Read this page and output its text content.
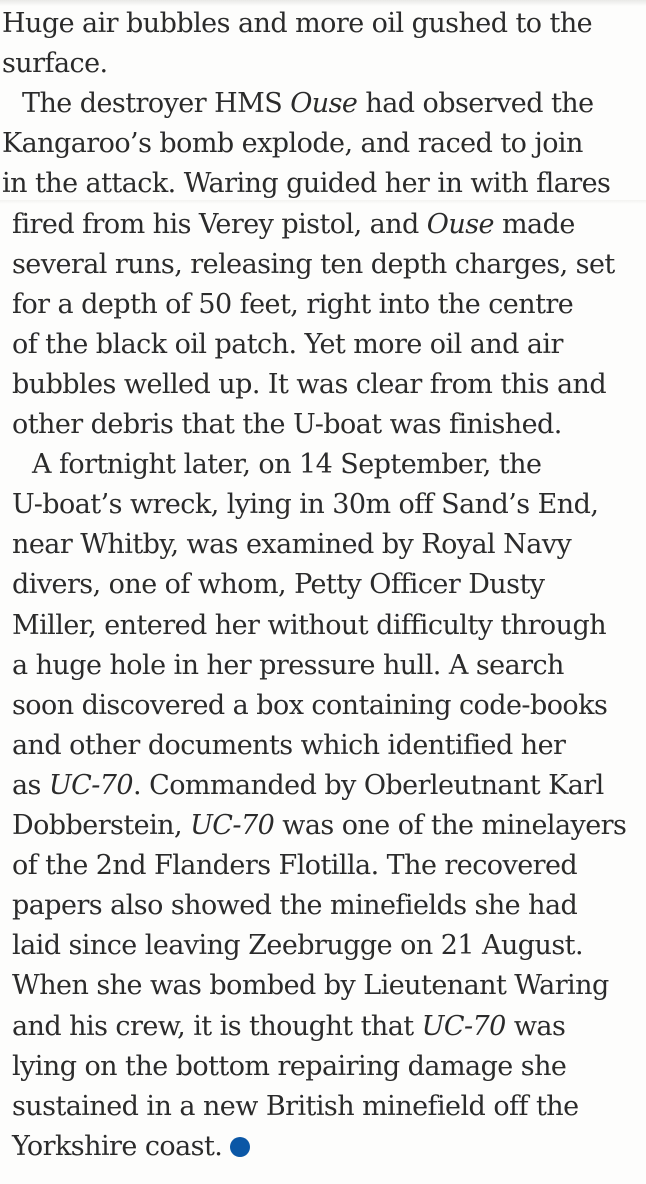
Huge air bubbles and more oil gushed to the
surface.
The destroyer HMS Ouse had observed the
Kangaroo’s bomb explode, and raced to join
in the attack. Waring guided her in with flares
fired from his Verey pistol, and Ouse made
several runs, releasing ten depth charges, set
for a depth of 50 feet, right into the centre
of the black oil patch. Yet more oil and air
bubbles welled up. It was clear from this and
other debris that the U-boat was finished.
A fortnight later, on 14 September, the
U-boat’s wreck, lying in 30m off Sand’s End,
near Whitby, was examined by Royal Navy
divers, one of whom, Petty Officer Dusty
Miller, entered her without difficulty through
a huge hole in her pressure hull. A search
soon discovered a box containing code-books
and other documents which identified her
as UC-70. Commanded by Oberleutnant Karl
Dobberstein, UC-70 was one of the minelayers
of the 2nd Flanders Flotilla. The recovered
papers also showed the minefields she had
laid since leaving Zeebrugge on 21 August.
When she was bombed by Lieutenant Waring
and his crew, it is thought that UC-70 was
lying on the bottom repairing damage she
sustained in a new British minefield off the
Yorkshire coast.
